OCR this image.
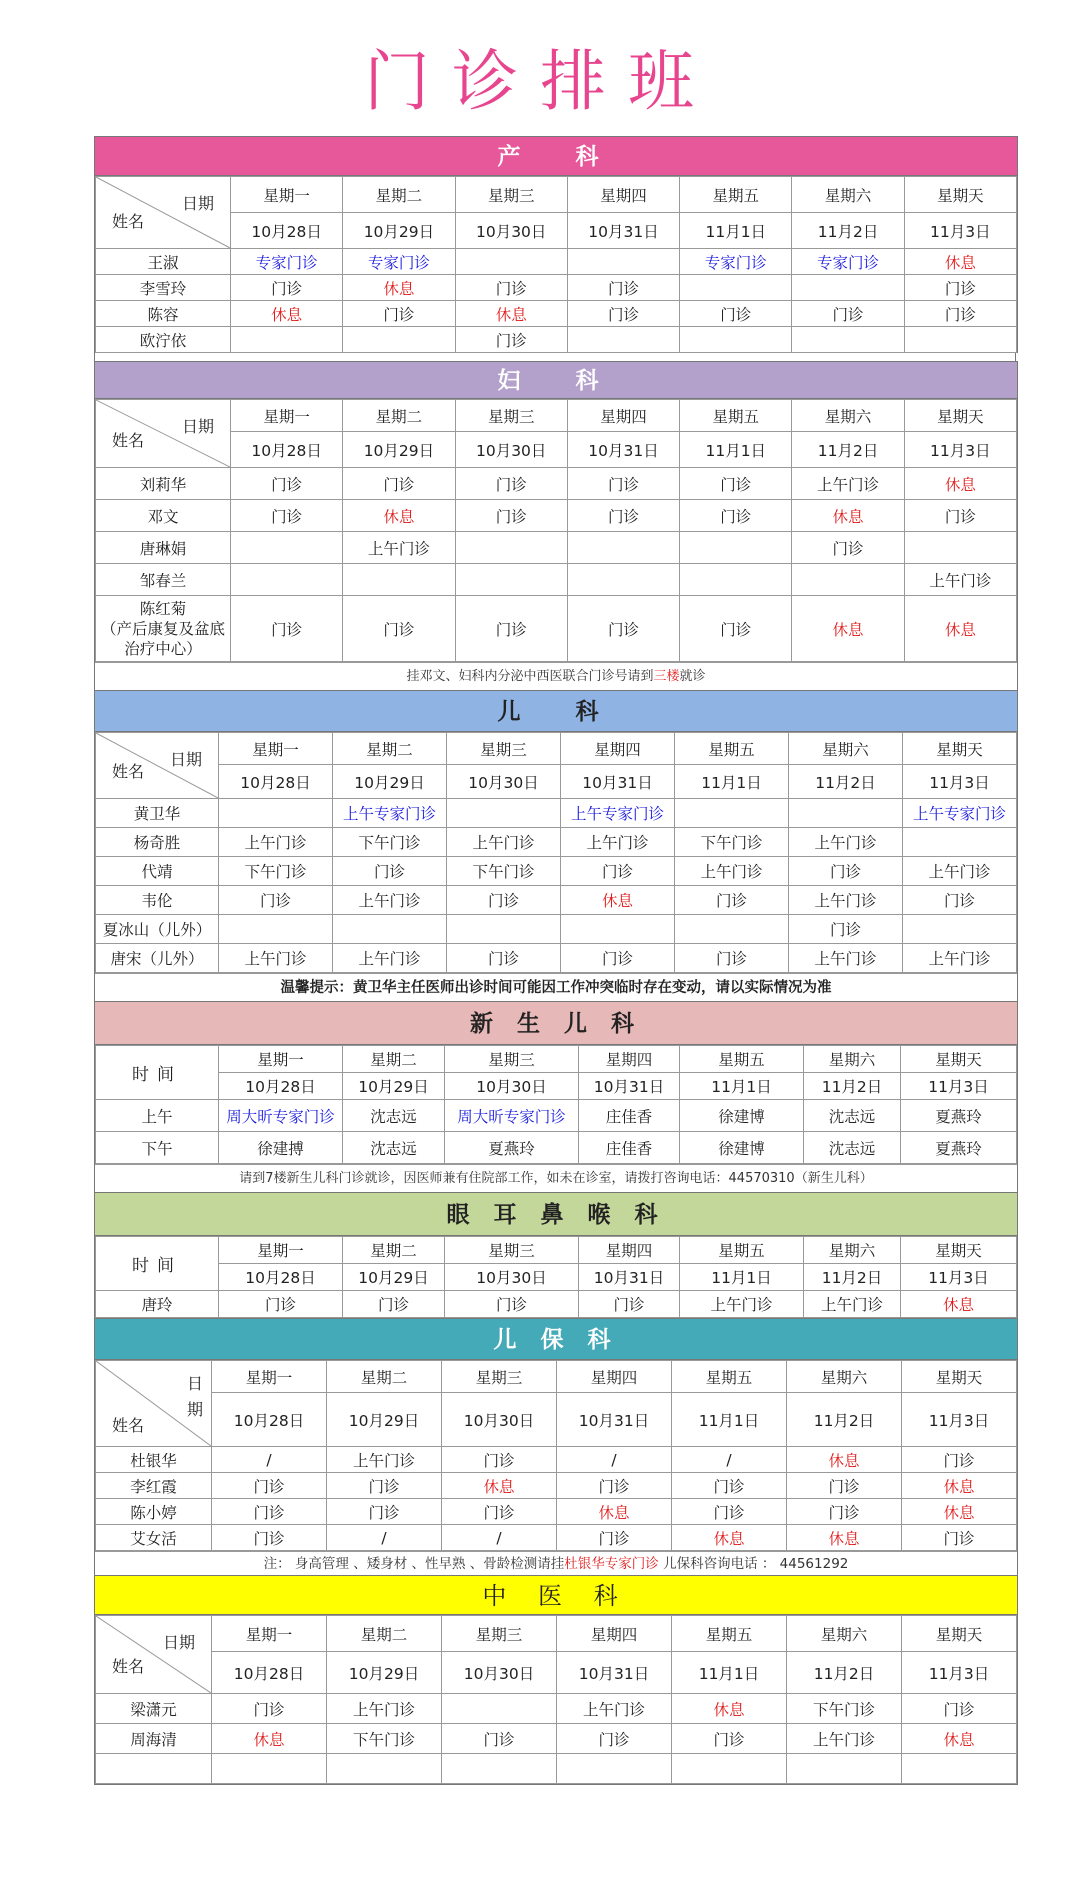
门诊排班
产　科
日期
姓名	星期一	星期二	星期三	星期四	星期五	星期六	星期天
	10月28日	10月29日	10月30日	10月31日	11月1日	11月2日	11月3日
王淑	专家门诊	专家门诊			专家门诊	专家门诊	休息
李雪玲	门诊	休息	门诊	门诊			门诊
陈容	休息	门诊	休息	门诊	门诊	门诊	门诊
欧泞依			门诊				
妇　科
日期
姓名	星期一	星期二	星期三	星期四	星期五	星期六	星期天
	10月28日	10月29日	10月30日	10月31日	11月1日	11月2日	11月3日
刘莉华	门诊	门诊	门诊	门诊	门诊	上午门诊	休息
邓文	门诊	休息	门诊	门诊	门诊	休息	门诊
唐琳娟		上午门诊				门诊	
邹春兰							上午门诊
陈红菊
（产后康复及盆底治疗中心）	门诊	门诊	门诊	门诊	门诊	休息	休息
挂邓文、妇科内分泌中西医联合门诊号请到三楼就诊
儿　科
日期
姓名	星期一	星期二	星期三	星期四	星期五	星期六	星期天
	10月28日	10月29日	10月30日	10月31日	11月1日	11月2日	11月3日
黄卫华		上午专家门诊		上午专家门诊			上午专家门诊
杨奇胜	上午门诊	下午门诊	上午门诊	上午门诊	下午门诊	上午门诊	
代靖	下午门诊	门诊	下午门诊	门诊	上午门诊	门诊	上午门诊
韦伦	门诊	上午门诊	门诊	休息	门诊	上午门诊	门诊
夏冰山（儿外）						门诊	
唐宋（儿外）	上午门诊	上午门诊	门诊	门诊	门诊	上午门诊	上午门诊
温馨提示：黄卫华主任医师出诊时间可能因工作冲突临时存在变动，请以实际情况为准
新 生 儿 科
时间	星期一	星期二	星期三	星期四	星期五	星期六	星期天
	10月28日	10月29日	10月30日	10月31日	11月1日	11月2日	11月3日
上午	周大昕专家门诊	沈志远	周大昕专家门诊	庄佳香	徐建博	沈志远	夏燕玲
下午	徐建搏	沈志远	夏燕玲	庄佳香	徐建博	沈志远	夏燕玲
请到7楼新生儿科门诊就诊，因医师兼有住院部工作，如未在诊室，请拨打咨询电话：44570310（新生儿科）
眼 耳 鼻 喉 科
时间	星期一	星期二	星期三	星期四	星期五	星期六	星期天
	10月28日	10月29日	10月30日	10月31日	11月1日	11月2日	11月3日
唐玲	门诊	门诊	门诊	门诊	上午门诊	上午门诊	休息
儿 保 科
日
期
姓名	星期一	星期二	星期三	星期四	星期五	星期六	星期天
	10月28日	10月29日	10月30日	10月31日	11月1日	11月2日	11月3日
杜银华	/	上午门诊	门诊	/	/	休息	门诊
李红霞	门诊	门诊	休息	门诊	门诊	门诊	休息
陈小婷	门诊	门诊	门诊	休息	门诊	门诊	休息
艾女活	门诊	/	/	门诊	休息	休息	门诊
注： 身高管理 、矮身材 、性早熟 、骨龄检测请挂杜银华专家门诊 儿保科咨询电话 ： 44561292
中 医 科
日期
姓名	星期一	星期二	星期三	星期四	星期五	星期六	星期天
	10月28日	10月29日	10月30日	10月31日	11月1日	11月2日	11月3日
梁潇元	门诊	上午门诊		上午门诊	休息	下午门诊	门诊
周海清	休息	下午门诊	门诊	门诊	门诊	上午门诊	休息
